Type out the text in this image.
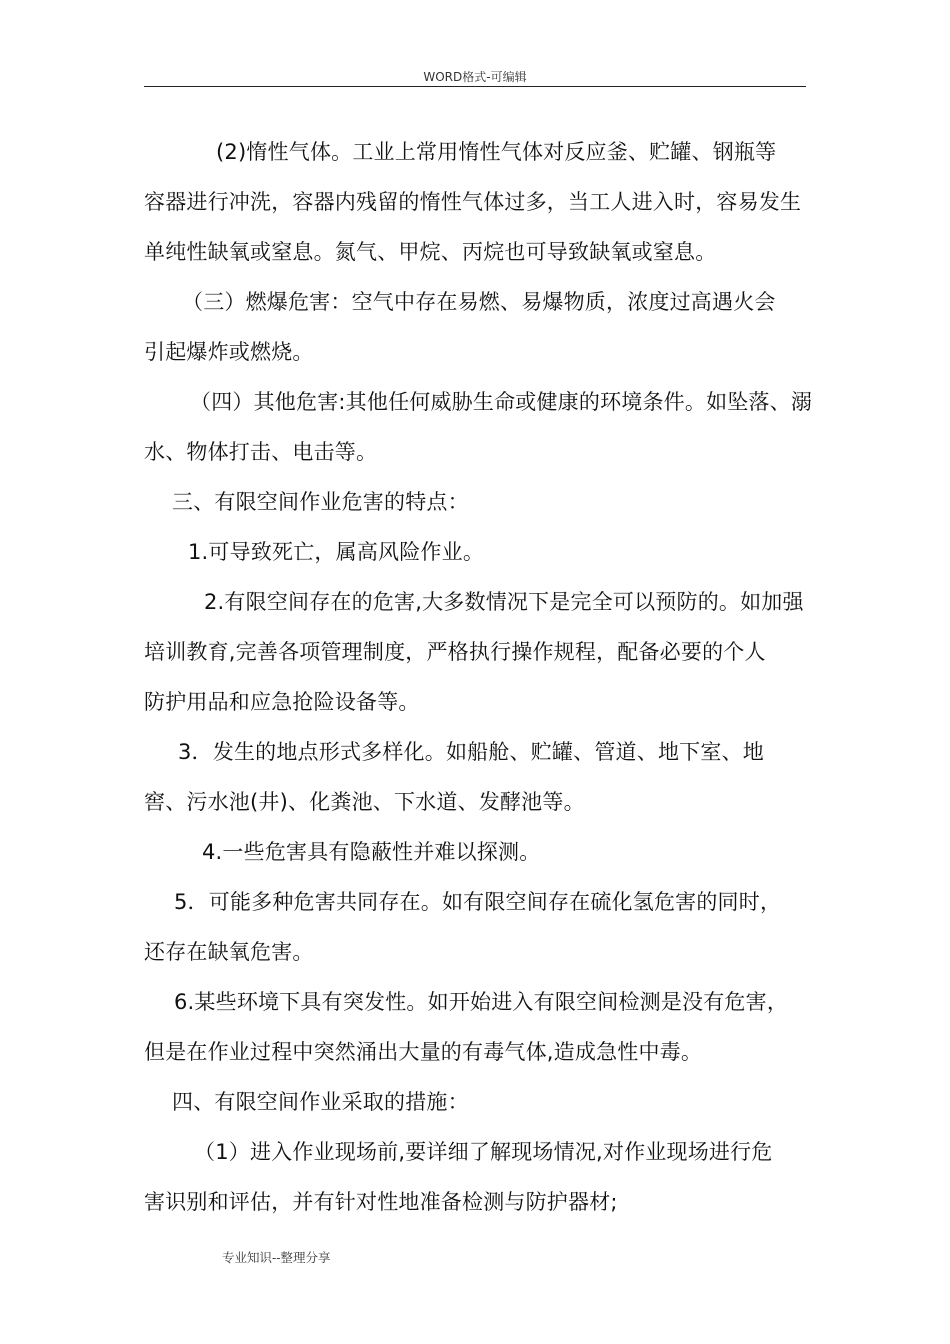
WORD格式-可编辑
(2)惰性气体。工业上常用惰性气体对反应釜、贮罐、钢瓶等
容器进行冲洗，容器内残留的惰性气体过多，当工人进入时，容易发生
单纯性缺氧或窒息。氮气、甲烷、丙烷也可导致缺氧或窒息。
（三）燃爆危害：空气中存在易燃、易爆物质，浓度过高遇火会
引起爆炸或燃烧。
（四）其他危害:其他任何威胁生命或健康的环境条件。如坠落、溺
水、物体打击、电击等。
三、有限空间作业危害的特点：
1.可导致死亡，属高风险作业。
2.有限空间存在的危害,大多数情况下是完全可以预防的。如加强
培训教育,完善各项管理制度，严格执行操作规程，配备必要的个人
防护用品和应急抢险设备等。
3．发生的地点形式多样化。如船舱、贮罐、管道、地下室、地
窖、污水池(井)、化粪池、下水道、发酵池等。
4.一些危害具有隐蔽性并难以探测。
5．可能多种危害共同存在。如有限空间存在硫化氢危害的同时，
还存在缺氧危害。
6.某些环境下具有突发性。如开始进入有限空间检测是没有危害，
但是在作业过程中突然涌出大量的有毒气体,造成急性中毒。
四、有限空间作业采取的措施：
（1）进入作业现场前,要详细了解现场情况,对作业现场进行危
害识别和评估，并有针对性地准备检测与防护器材;
专业知识--整理分享
